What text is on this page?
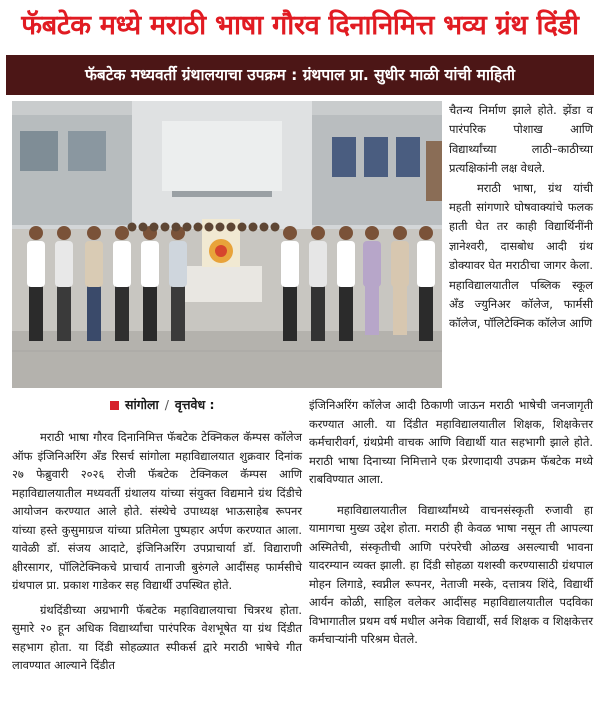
फॅबटेक मध्ये मराठी भाषा गौरव दिनानिमित्त भव्य ग्रंथ दिंडी
फॅबटेक मध्यवर्ती ग्रंथालयाचा उपक्रम : ग्रंथपाल प्रा. सुधीर माळी यांची माहिती

चैतन्य निर्माण झाले होते. झेंडा व पारंपरिक पोशाख आणि विद्यार्थ्यांच्या लाठी–काठीच्या प्रत्यक्षिकांनी लक्ष वेधले.

मराठी भाषा, ग्रंथ यांची महती सांगणारे घोषवाक्यांचे फलक हाती घेत तर काही विद्यार्थिनींनी ज्ञानेश्वरी, दासबोध आदी ग्रंथ डोक्यावर घेत मराठीचा जागर केला. महाविद्यालयातील पब्लिक स्कूल अँड ज्युनिअर कॉलेज, फार्मसी कॉलेज, पॉलिटेक्निक कॉलेज आणि

सांगोला / वृत्तवेध :

मराठी भाषा गौरव दिनानिमित्त फॅबटेक टेक्निकल कॅम्पस कॉलेज ऑफ इंजिनिअरिंग अँड रिसर्च सांगोला महाविद्यालयात शुक्रवार दिनांक २७ फेब्रुवारी २०२६ रोजी फॅबटेक टेक्निकल कॅम्पस आणि महाविद्यालयातील मध्यवर्ती ग्रंथालय यांच्या संयुक्त विद्यमाने ग्रंथ दिंडीचे आयोजन करण्यात आले होते. संस्थेचे उपाध्यक्ष भाऊसाहेब रूपनर यांच्या हस्ते कुसुमाग्रज यांच्या प्रतिमेला पुष्पहार अर्पण करण्यात आला. यावेळी डॉ. संजय आदाटे, इंजिनिअरिंग उपप्राचार्या डॉ. विद्याराणी क्षीरसागर, पॉलिटेक्निकचे प्राचार्य तानाजी बुरुंगले आदींसह फार्मसीचे ग्रंथपाल प्रा. प्रकाश गाडेकर सह विद्यार्थी उपस्थित होते.

ग्रंथदिंडीच्या अग्रभागी फॅबटेक महाविद्यालयाचा चित्ररथ होता. सुमारे २० हून अधिक विद्यार्थ्यांचा पारंपरिक वेशभूषेत या ग्रंथ दिंडीत सहभाग होता. या दिंडी सोहळ्यात स्पीकर्स द्वारे मराठी भाषेचे गीत लावण्यात आल्याने दिंडीत

इंजिनिअरिंग कॉलेज आदी ठिकाणी जाऊन मराठी भाषेची जनजागृती करण्यात आली. या दिंडीत महाविद्यालयातील शिक्षक, शिक्षकेत्तर कर्मचारीवर्ग, ग्रंथप्रेमी वाचक आणि विद्यार्थी यात सहभागी झाले होते. मराठी भाषा दिनाच्या निमित्ताने एक प्रेरणादायी उपक्रम फॅबटेक मध्ये राबविण्यात आला.

महाविद्यालयातील विद्यार्थ्यांमध्ये वाचनसंस्कृती रुजावी हा यामागचा मुख्य उद्देश होता. मराठी ही केवळ भाषा नसून ती आपल्या अस्मितेची, संस्कृतीची आणि परंपरेची ओळख असल्याची भावना यादरम्यान व्यक्त झाली. हा दिंडी सोहळा यशस्वी करण्यासाठी ग्रंथपाल मोहन लिगाडे, स्वप्नील रूपनर, नेताजी मस्के, दत्तात्रय शिंदे, विद्यार्थी आर्यन कोळी, साहिल वलेकर आदींसह महाविद्यालयातील पदविका विभागातील प्रथम वर्ष मधील अनेक विद्यार्थी, सर्व शिक्षक व शिक्षकेत्तर कर्मचाऱ्यांनी परिश्रम घेतले.
